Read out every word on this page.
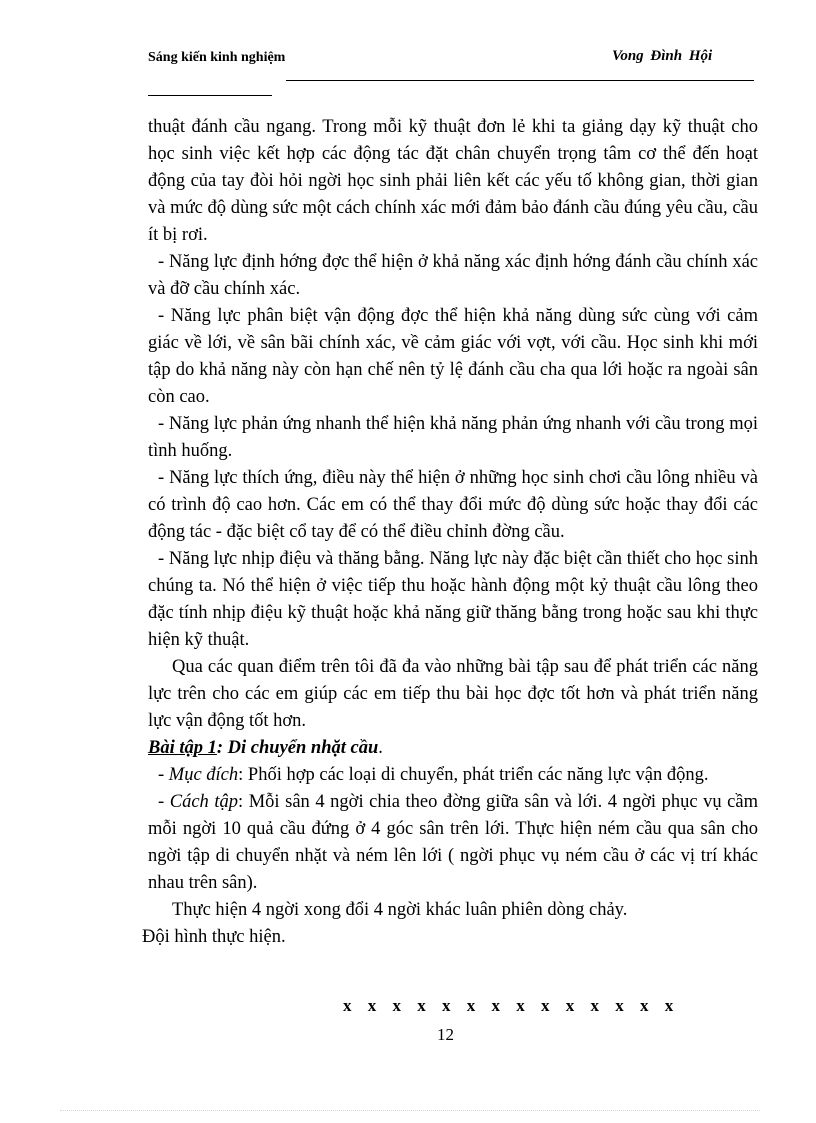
Sáng kiến kinh nghiệm	Vong Đình Hội

thuật đánh cầu ngang. Trong mỗi kỹ thuật đơn lẻ khi ta giảng dạy kỹ thuật cho học sinh việc kết hợp các động tác đặt chân chuyển trọng tâm cơ thể đến hoạt động của tay đòi hỏi ngời học sinh phải liên kết các yếu tố không gian, thời gian và mức độ dùng sức một cách chính xác mới đảm bảo đánh cầu đúng yêu cầu, cầu ít bị rơi.

- Năng lực định hớng đợc thể hiện ở khả năng xác định hớng đánh cầu chính xác và đỡ cầu chính xác.

- Năng lực phân biệt vận động đợc thể hiện khả năng dùng sức cùng với cảm giác về lới, về sân bãi chính xác, về cảm giác với vợt, với cầu. Học sinh khi mới tập do khả năng này còn hạn chế nên tỷ lệ đánh cầu cha qua lới hoặc ra ngoài sân còn cao.

- Năng lực phản ứng nhanh thể hiện khả năng phản ứng nhanh với cầu trong mọi tình huống.

- Năng lực thích ứng, điều này thể hiện ở những học sinh chơi cầu lông nhiều và có trình độ cao hơn. Các em có thể thay đổi mức độ dùng sức hoặc thay đổi các động tác - đặc biệt cổ tay để có thể điều chỉnh đờng cầu.

- Năng lực nhịp điệu và thăng bằng. Năng lực này đặc biệt cần thiết cho học sinh chúng ta. Nó thể hiện ở việc tiếp thu hoặc hành động một kỷ thuật cầu lông theo đặc tính nhịp điệu kỹ thuật hoặc khả năng giữ thăng bằng trong hoặc sau khi thực hiện kỹ thuật.

Qua các quan điểm trên tôi đã đa vào những bài tập sau để phát triển các năng lực trên cho các em giúp các em tiếp thu bài học đợc tốt hơn và phát triển năng lực vận động tốt hơn.

Bài tập 1: Di chuyển nhặt cầu.

- Mục đích: Phối hợp các loại di chuyển, phát triển các năng lực vận động.

- Cách tập: Mỗi sân 4 ngời chia theo đờng giữa sân và lới. 4 ngời phục vụ cầm mỗi ngời 10 quả cầu đứng ở 4 góc sân trên lới. Thực hiện ném cầu qua sân cho ngời tập di chuyển nhặt và ném lên lới ( ngời phục vụ ném cầu ở các vị trí khác nhau trên sân).

Thực hiện 4 ngời xong đổi 4 ngời khác luân phiên dòng chảy.

Đội hình thực hiện.

x x x x x x x x x x x x x x
12
